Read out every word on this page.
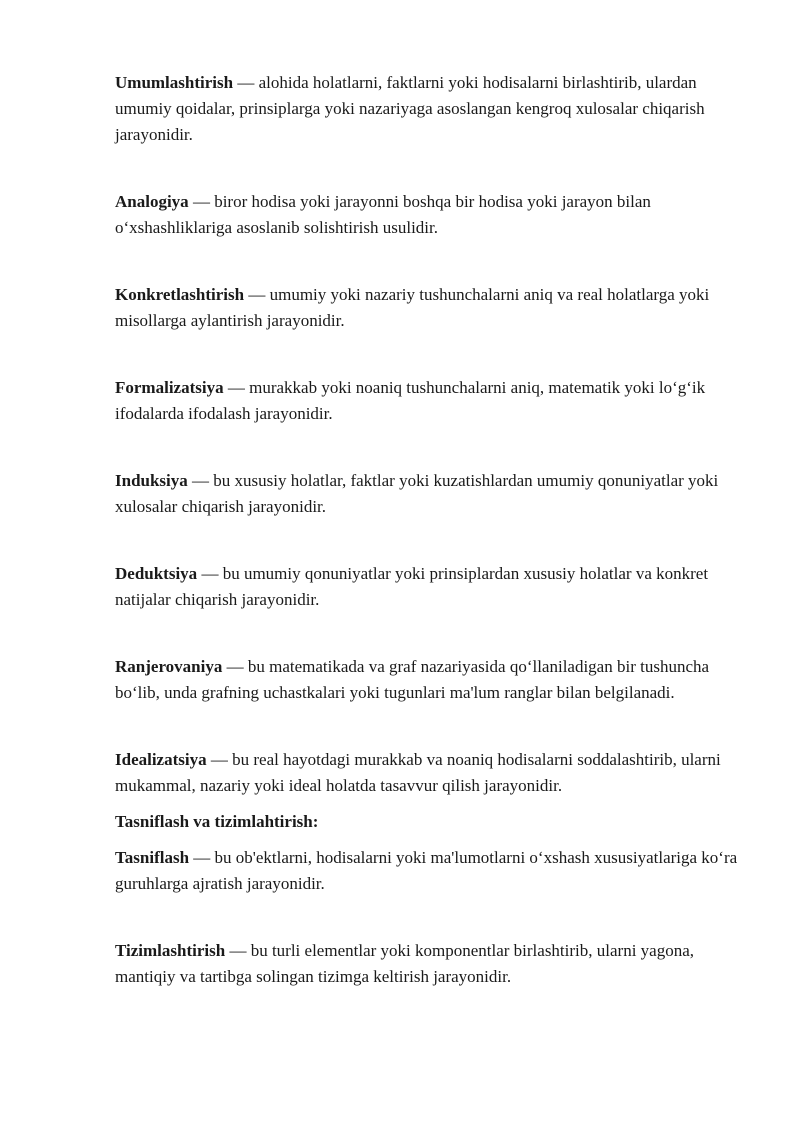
Umumlashtirish — alohida holatlarni, faktlarni yoki hodisalarni birlashtirib, ulardan umumiy qoidalar, prinsiplarga yoki nazariyaga asoslangan kengroq xulosalar chiqarish jarayonidir.

Analogiya — biror hodisa yoki jarayonni boshqa bir hodisa yoki jarayon bilan o‘xshashliklariga asoslanib solishtirish usulidir.

Konkretlashtirish — umumiy yoki nazariy tushunchalarni aniq va real holatlarga yoki misollarga aylantirish jarayonidir.

Formalizatsiya — murakkab yoki noaniq tushunchalarni aniq, matematik yoki lo‘g‘ik ifodalarda ifodalash jarayonidir.

Induksiya — bu xususiy holatlar, faktlar yoki kuzatishlardan umumiy qonuniyatlar yoki xulosalar chiqarish jarayonidir.

Deduktsiya — bu umumiy qonuniyatlar yoki prinsiplardan xususiy holatlar va konkret natijalar chiqarish jarayonidir.

Ranjerovaniya — bu matematikada va graf nazariyasida qo‘llaniladigan bir tushuncha bo‘lib, unda grafning uchastkalari yoki tugunlari ma'lum ranglar bilan belgilanadi.

Idealizatsiya — bu real hayotdagi murakkab va noaniq hodisalarni soddalashtirib, ularni mukammal, nazariy yoki ideal holatda tasavvur qilish jarayonidir.

Tasniflash va tizimlahtirish:

Tasniflash — bu ob'ektlarni, hodisalarni yoki ma'lumotlarni o‘xshash xususiyatlariga ko‘ra guruhlarga ajratish jarayonidir.

Tizimlashtirish — bu turli elementlar yoki komponentlar birlashtirib, ularni yagona, mantiqiy va tartibga solingan tizimga keltirish jarayonidir.
